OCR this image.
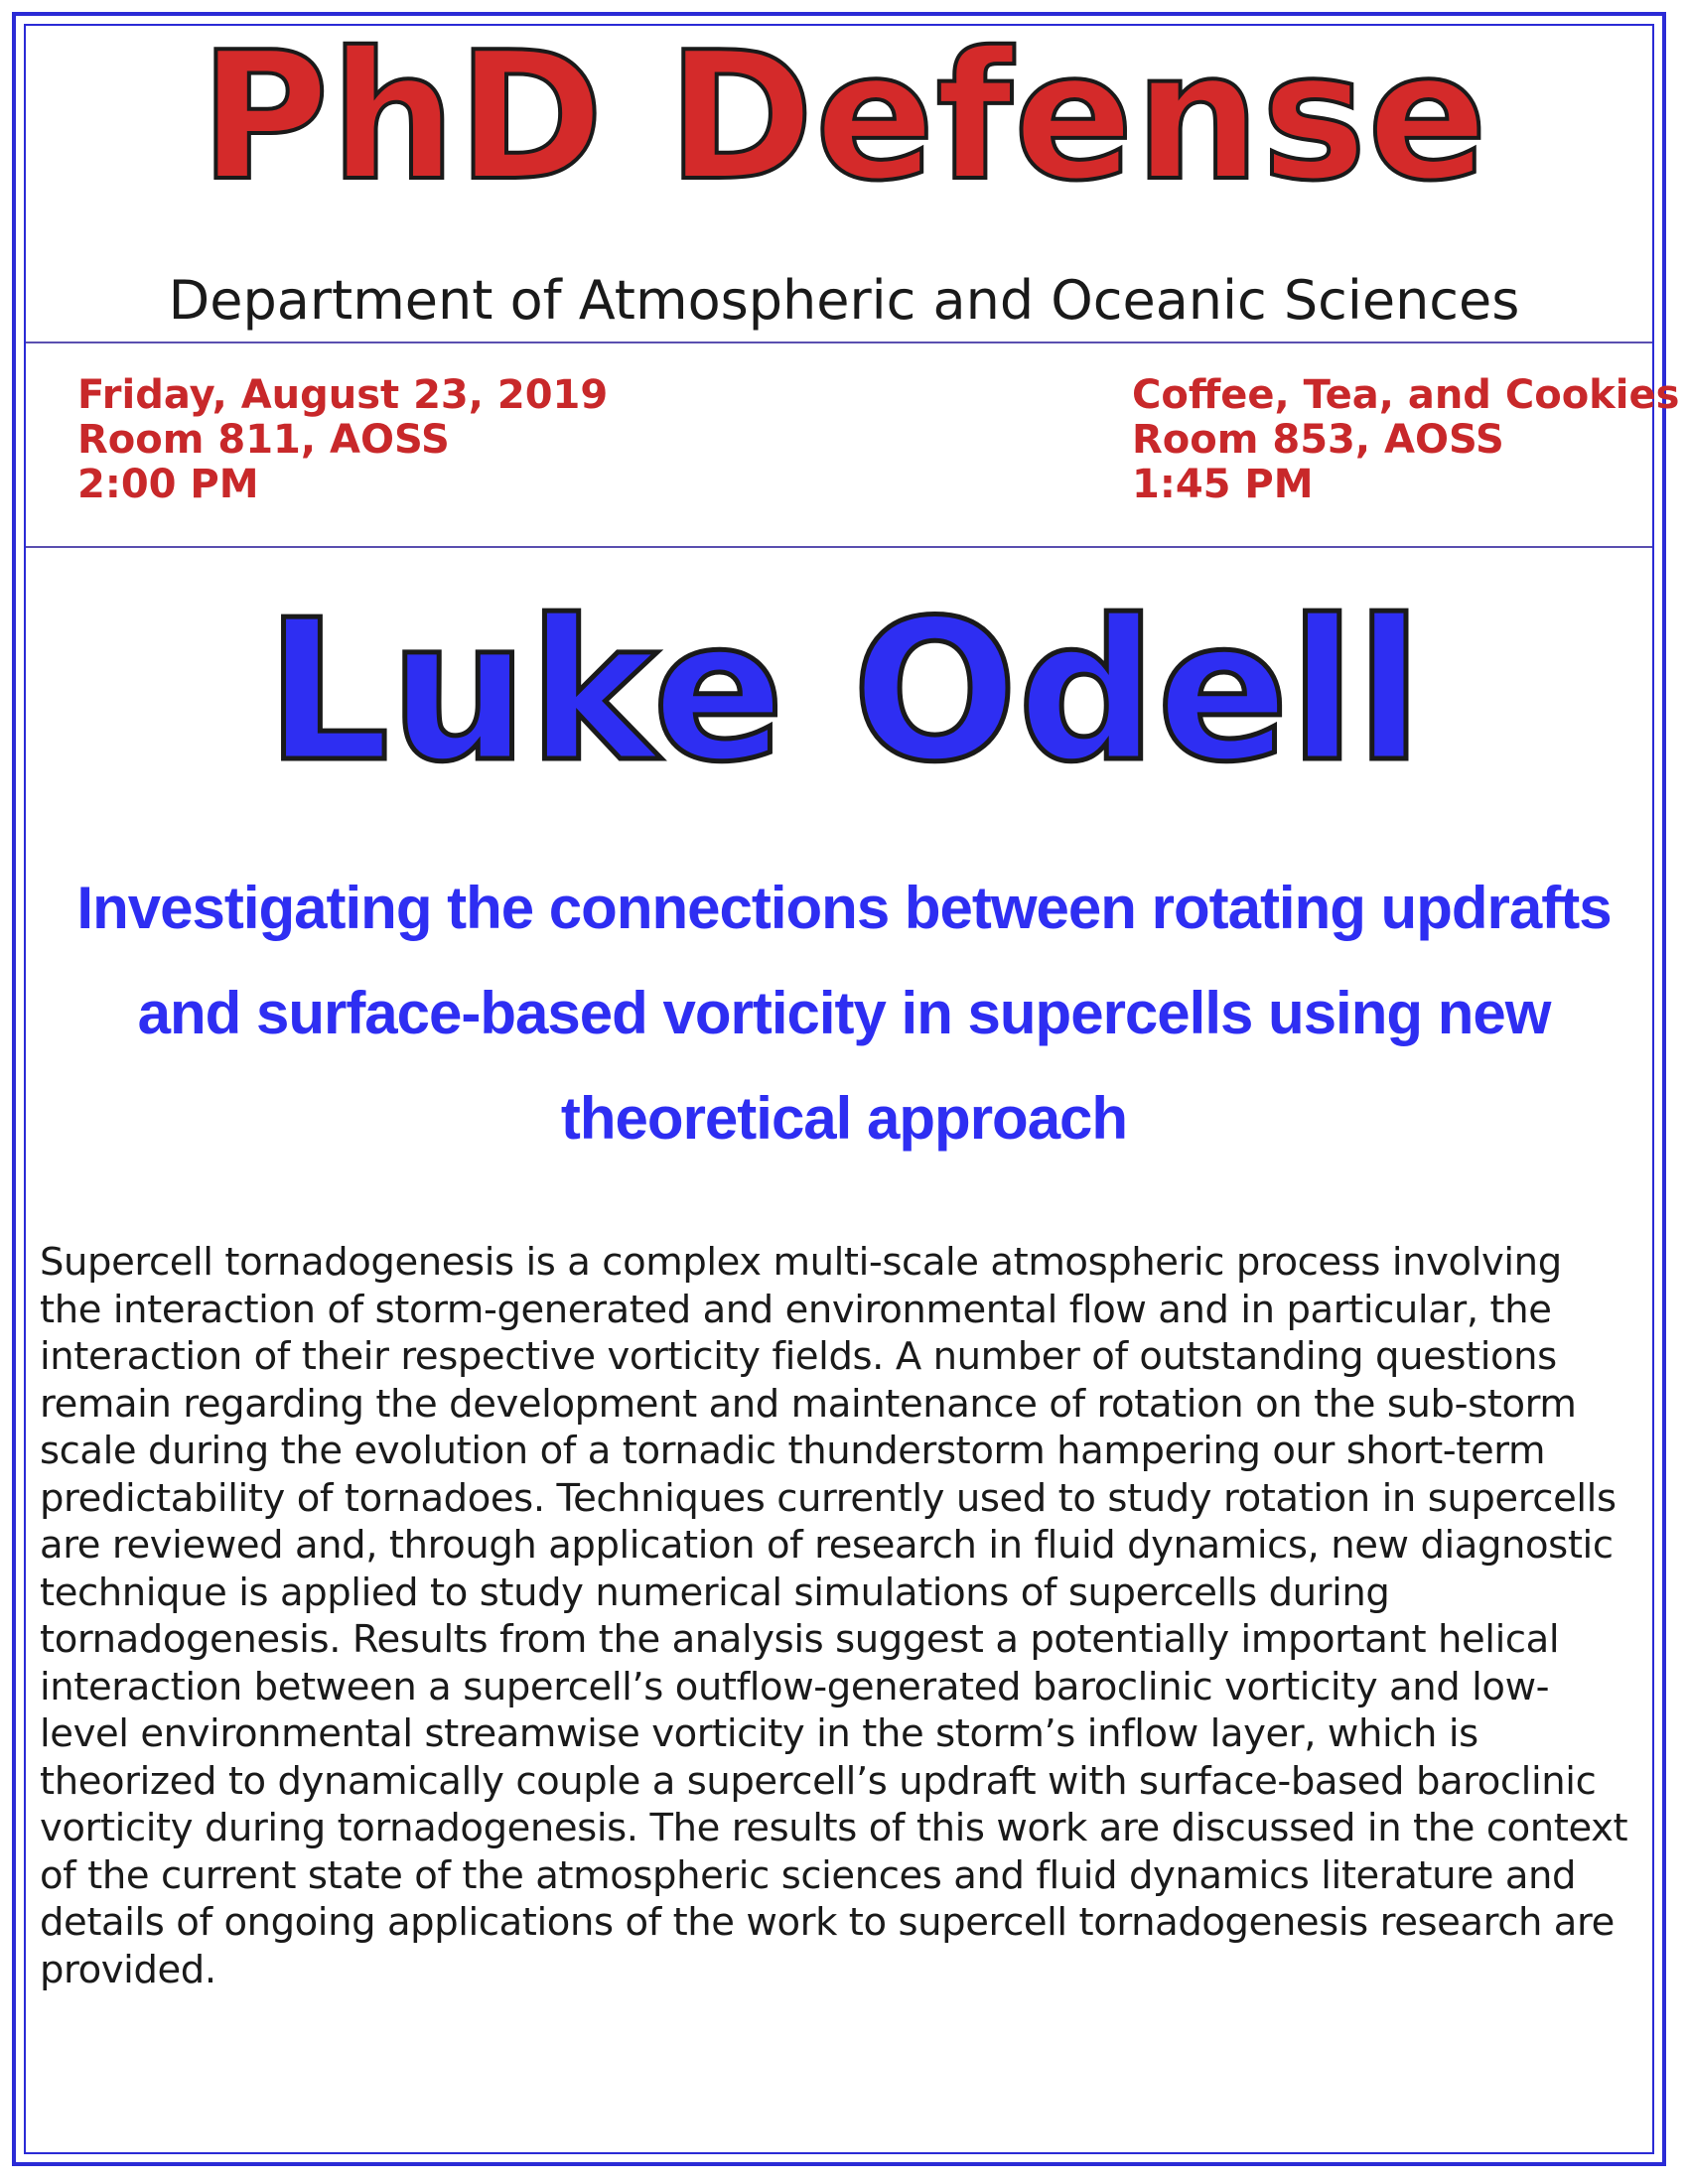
PhD Defense
Department of Atmospheric and Oceanic Sciences
Friday, August 23, 2019
Room 811, AOSS
2:00 PM
Coffee, Tea, and Cookies
Room 853, AOSS
1:45 PM
Luke Odell
Investigating the connections between rotating updrafts and surface-based vorticity in supercells using new theoretical approach
Supercell tornadogenesis is a complex multi-scale atmospheric process involving the interaction of storm-generated and environmental flow and in particular, the interaction of their respective vorticity fields. A number of outstanding questions remain regarding the development and maintenance of rotation on the sub-storm scale during the evolution of a tornadic thunderstorm hampering our short-term predictability of tornadoes. Techniques currently used to study rotation in supercells are reviewed and, through application of research in fluid dynamics, new diagnostic technique is applied to study numerical simulations of supercells during tornadogenesis. Results from the analysis suggest a potentially important helical interaction between a supercell’s outflow-generated baroclinic vorticity and low-level environmental streamwise vorticity in the storm’s inflow layer, which is theorized to dynamically couple a supercell’s updraft with surface-based baroclinic vorticity during tornadogenesis. The results of this work are discussed in the context of the current state of the atmospheric sciences and fluid dynamics literature and details of ongoing applications of the work to supercell tornadogenesis research are provided.
